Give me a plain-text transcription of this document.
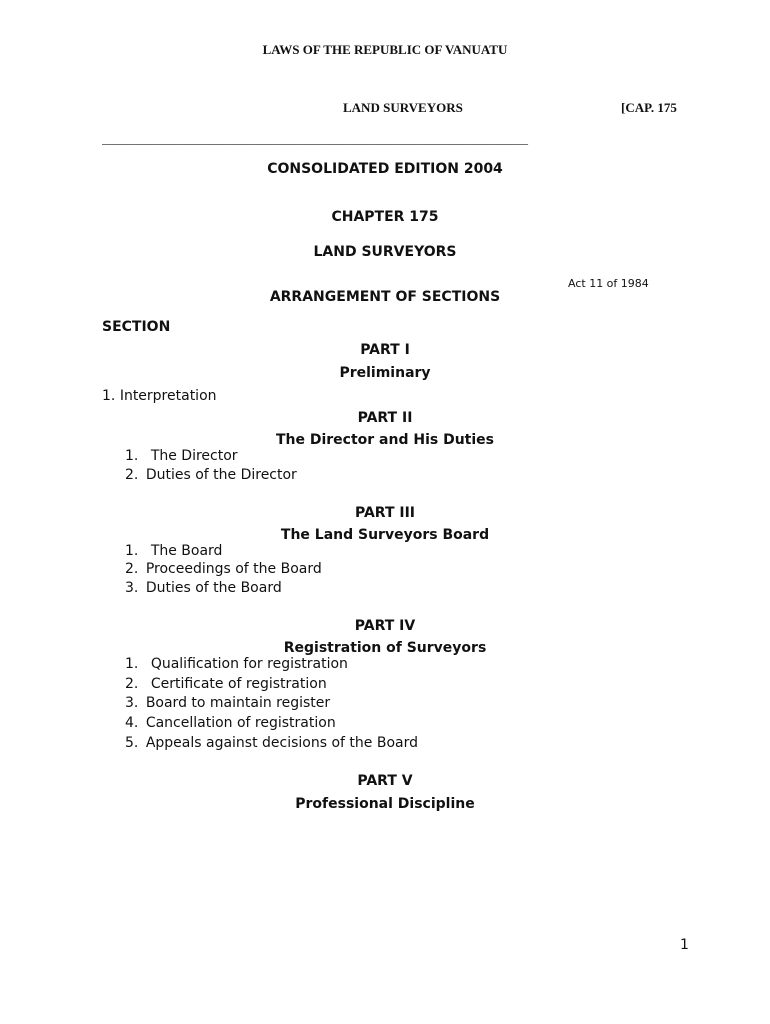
LAWS OF THE REPUBLIC OF VANUATU
LAND SURVEYORS	[CAP. 175
_______________________________________________________________________
CONSOLIDATED EDITION 2004
CHAPTER 175
LAND SURVEYORS
Act 11 of 1984
ARRANGEMENT OF SECTIONS
SECTION
PART I
Preliminary
1. Interpretation
PART II
The Director and His Duties
1. The Director
2. Duties of the Director
PART III
The Land Surveyors Board
1. The Board
2. Proceedings of the Board
3. Duties of the Board
PART IV
Registration of Surveyors
1. Qualification for registration
2. Certificate of registration
3. Board to maintain register
4. Cancellation of registration
5. Appeals against decisions of the Board
PART V
Professional Discipline
1
